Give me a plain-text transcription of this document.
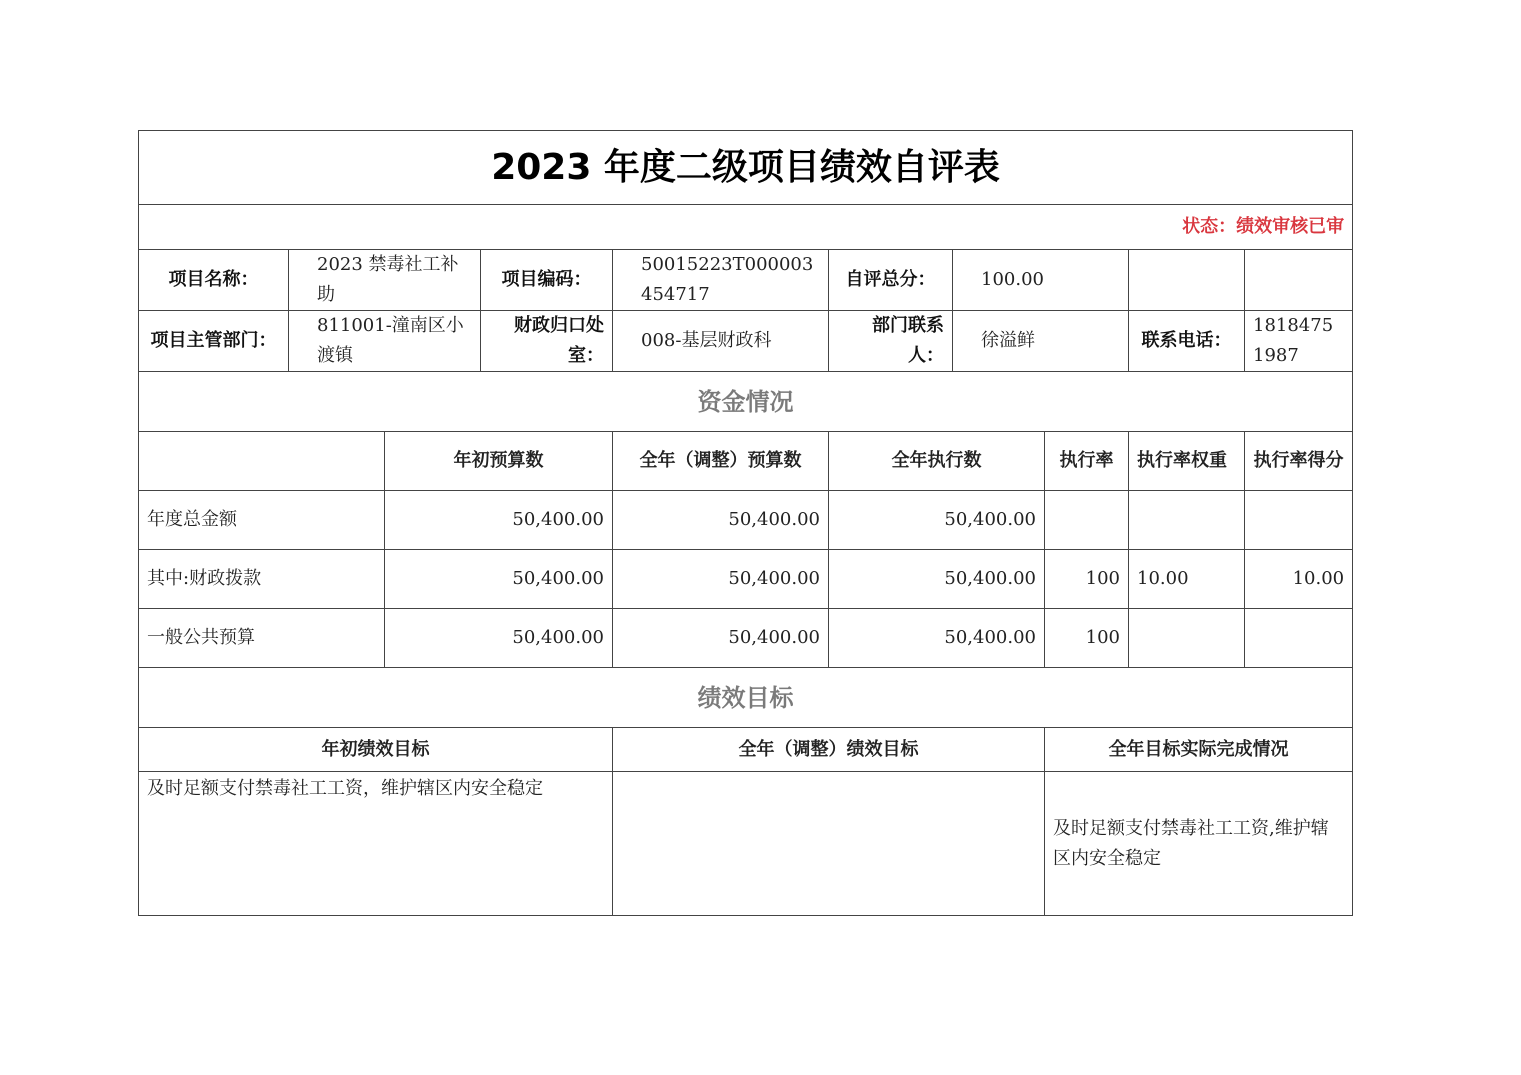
2023 年度二级项目绩效自评表									
状态：绩效审核已审									
项目名称：	2023 禁毒社工补助		项目编码：	50015223T000003454717	自评总分：	100.00			
项目主管部门：	811001-潼南区小渡镇		财政归口处室：	008-基层财政科	部门联系人：	徐溢鲜		联系电话：	18184751987
资金情况									
		年初预算数		全年（调整）预算数	全年执行数		执行率	执行率权重	执行率得分
年度总金额		50,400.00		50,400.00	50,400.00				
其中:财政拨款		50,400.00		50,400.00	50,400.00		100	10.00	10.00
一般公共预算		50,400.00		50,400.00	50,400.00		100		
绩效目标									
年初绩效目标				全年（调整）绩效目标			全年目标实际完成情况		
及时足额支付禁毒社工工资，维护辖区内安全稳定							及时足额支付禁毒社工工资,维护辖区内安全稳定		
